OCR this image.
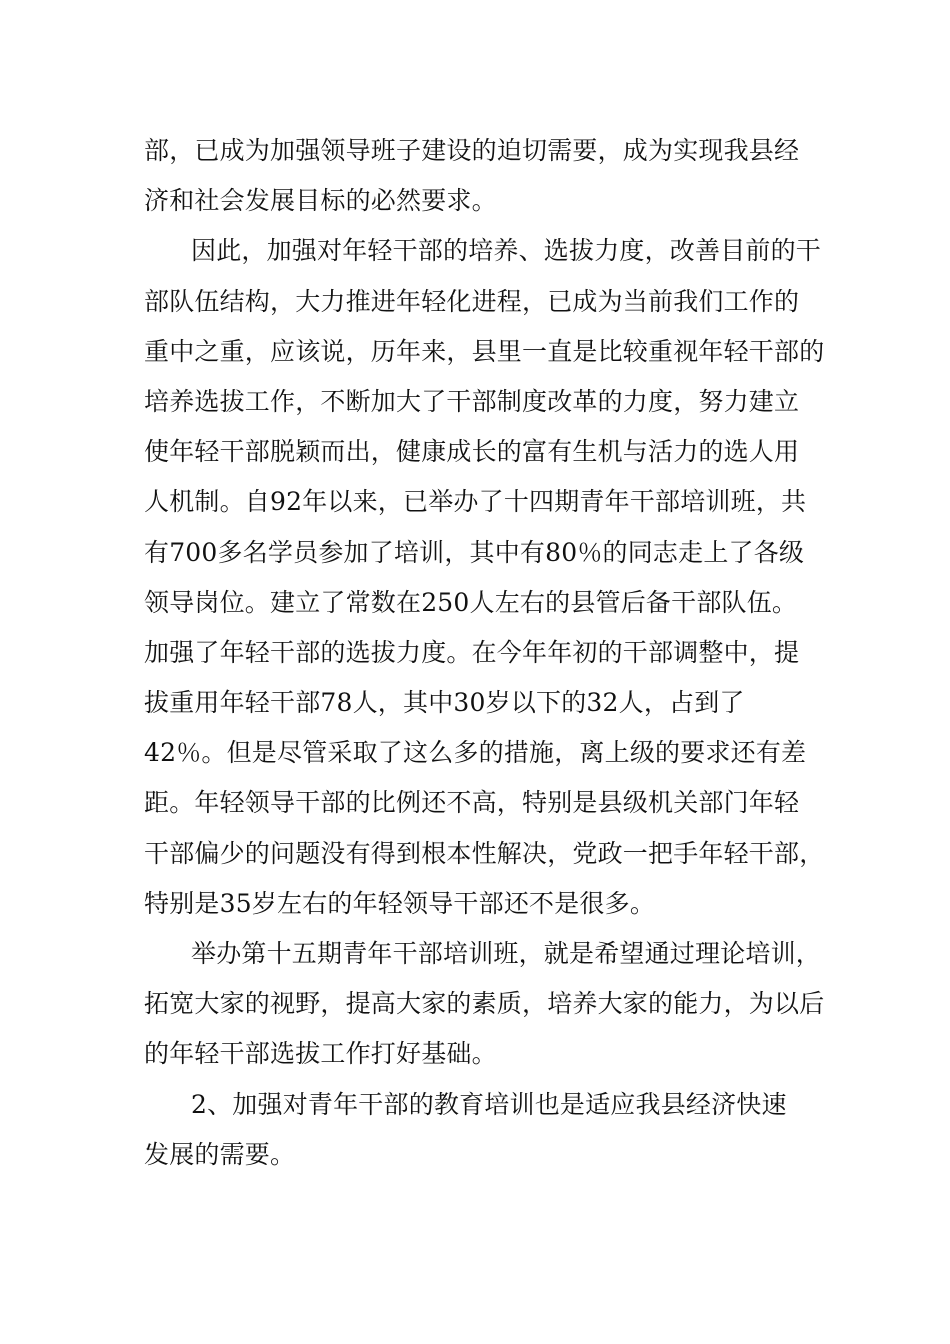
部，已成为加强领导班子建设的迫切需要，成为实现我县经
济和社会发展目标的必然要求。
因此，加强对年轻干部的培养、选拔力度，改善目前的干
部队伍结构，大力推进年轻化进程，已成为当前我们工作的
重中之重，应该说，历年来，县里一直是比较重视年轻干部的
培养选拔工作，不断加大了干部制度改革的力度，努力建立
使年轻干部脱颖而出，健康成长的富有生机与活力的选人用
人机制。自92年以来，已举办了十四期青年干部培训班，共
有700多名学员参加了培训，其中有80％的同志走上了各级
领导岗位。建立了常数在250人左右的县管后备干部队伍。
加强了年轻干部的选拔力度。在今年年初的干部调整中，提
拔重用年轻干部78人，其中30岁以下的32人，占到了
42％。但是尽管采取了这么多的措施，离上级的要求还有差
距。年轻领导干部的比例还不高，特别是县级机关部门年轻
干部偏少的问题没有得到根本性解决，党政一把手年轻干部，
特别是35岁左右的年轻领导干部还不是很多。
举办第十五期青年干部培训班，就是希望通过理论培训，
拓宽大家的视野，提高大家的素质，培养大家的能力，为以后
的年轻干部选拔工作打好基础。
2、加强对青年干部的教育培训也是适应我县经济快速
发展的需要。
